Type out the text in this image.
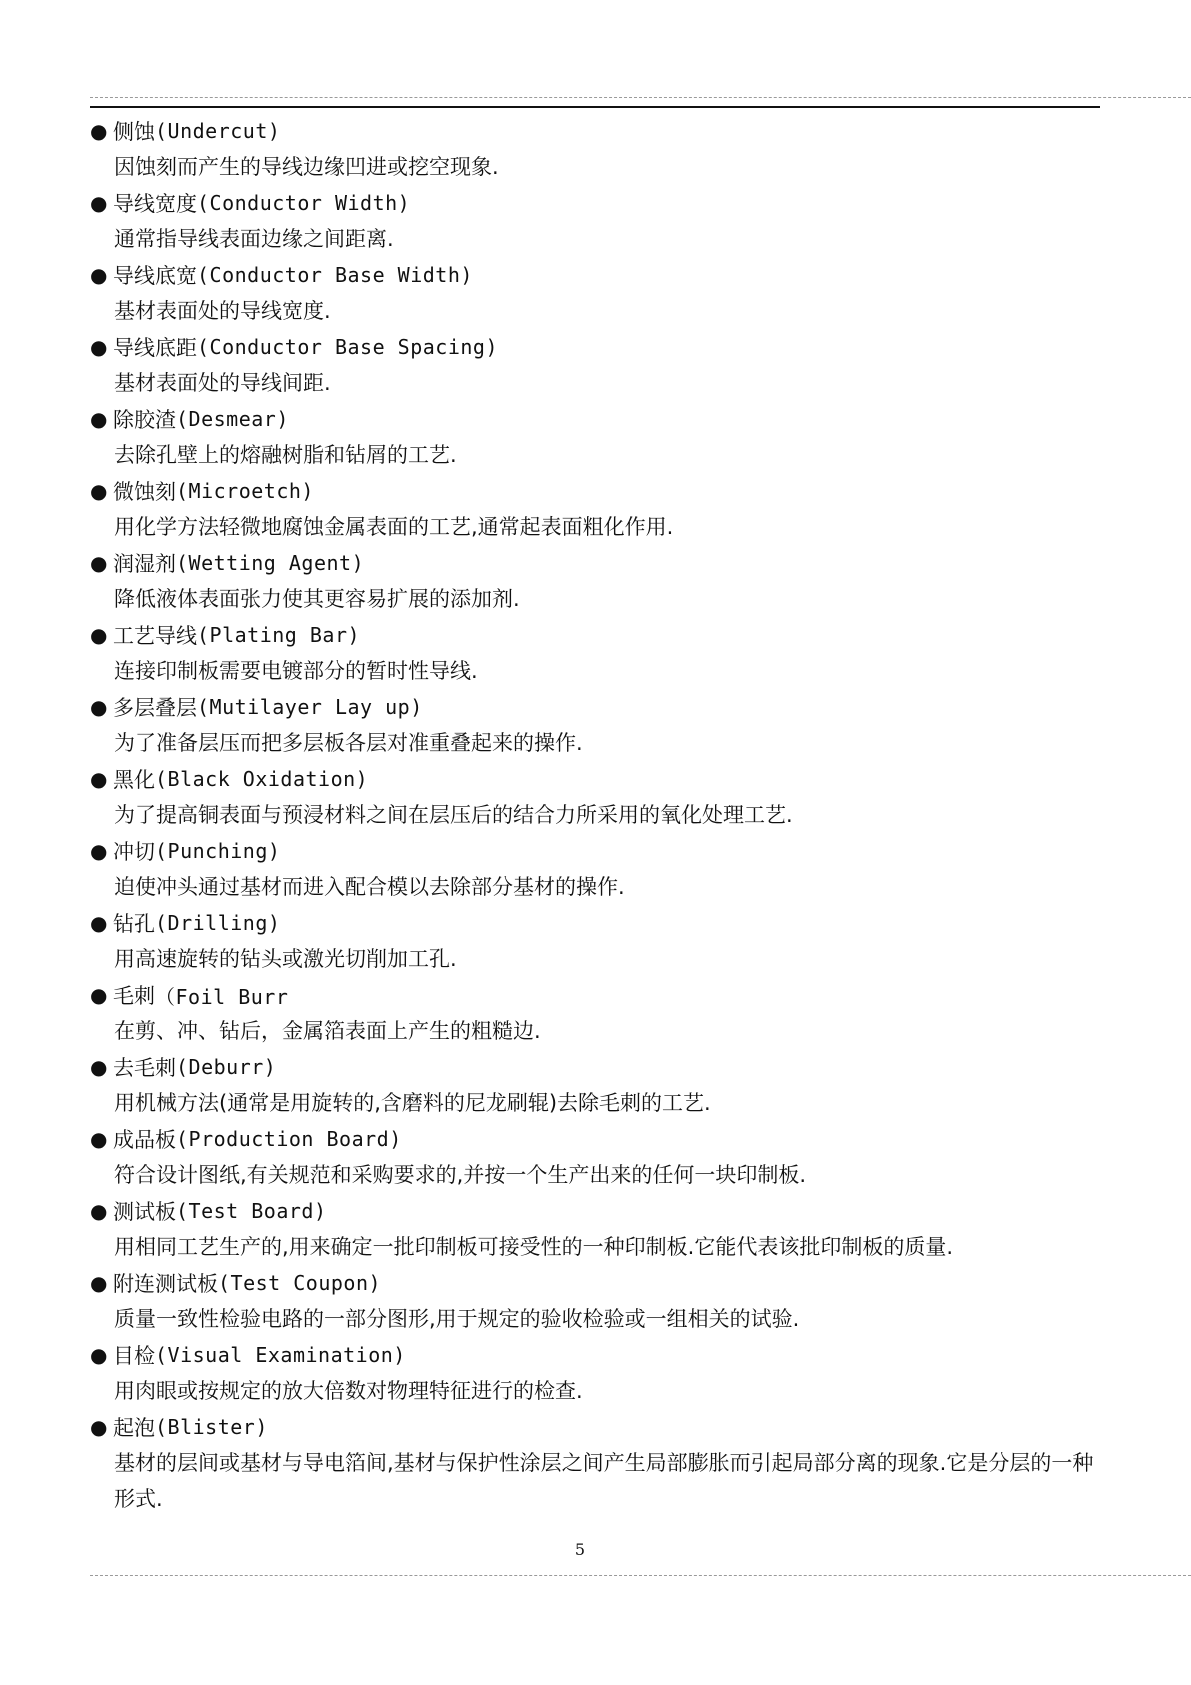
● 侧蚀 (Undercut)

因蚀刻而产生的导线边缘凹进或挖空现象.

● 导线宽度 (Conductor Width)

通常指导线表面边缘之间距离.

● 导线底宽 (Conductor Base Width)

基材表面处的导线宽度.

● 导线底距 (Conductor Base Spacing)

基材表面处的导线间距.

● 除胶渣 (Desmear)

去除孔壁上的熔融树脂和钻屑的工艺.

● 微蚀刻 (Microetch)

用化学方法轻微地腐蚀金属表面的工艺,通常起表面粗化作用.

● 润湿剂 (Wetting Agent)

降低液体表面张力使其更容易扩展的添加剂.

● 工艺导线 (Plating Bar)

连接印制板需要电镀部分的暂时性导线.

● 多层叠层 (Mutilayer Lay up)

为了准备层压而把多层板各层对准重叠起来的操作.

● 黑化 (Black Oxidation)

为了提高铜表面与预浸材料之间在层压后的结合力所采用的氧化处理工艺.

● 冲切 (Punching)

迫使冲头通过基材而进入配合模以去除部分基材的操作.

● 钻孔 (Drilling)

用高速旋转的钻头或激光切削加工孔.

● 毛刺 （Foil Burr

在剪、冲、钻后，金属箔表面上产生的粗糙边.

● 去毛刺 (Deburr)

用机械方法(通常是用旋转的,含磨料的尼龙刷辊)去除毛刺的工艺.

● 成品板 (Production Board)

符合设计图纸,有关规范和采购要求的,并按一个生产出来的任何一块印制板.

● 测试板 (Test Board)

用相同工艺生产的,用来确定一批印制板可接受性的一种印制板.它能代表该批印制板的质量.

● 附连测试板 (Test Coupon)

质量一致性检验电路的一部分图形,用于规定的验收检验或一组相关的试验.

● 目检 (Visual Examination)

用肉眼或按规定的放大倍数对物理特征进行的检查.

● 起泡 (Blister)

基材的层间或基材与导电箔间,基材与保护性涂层之间产生局部膨胀而引起局部分离的现象.它是分层的一种形式.

5
